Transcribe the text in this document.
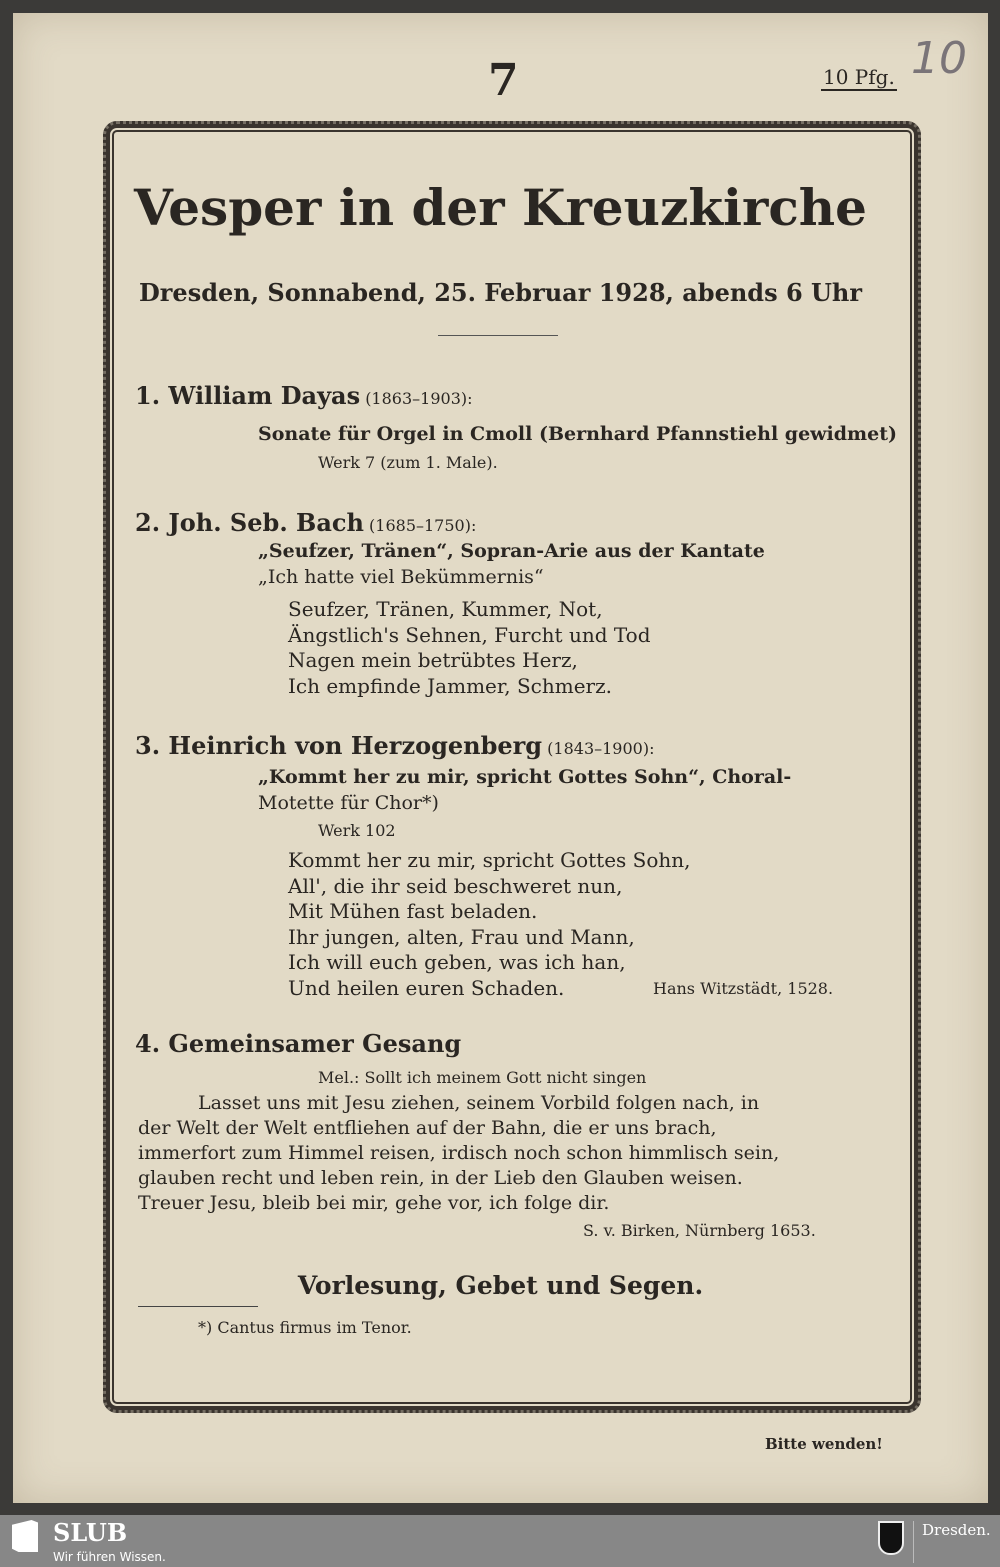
7	10 Pfg. 10
Vesper in der Kreuzkirche
Dresden, Sonnabend, 25. Februar 1928, abends 6 Uhr
1. William Dayas (1863–1903):
Sonate für Orgel in Cmoll (Bernhard Pfannstiehl gewidmet)
Werk 7 (zum 1. Male).
2. Joh. Seb. Bach (1685–1750):
„Seufzer, Tränen“, Sopran-Arie aus der Kantate
„Ich hatte viel Bekümmernis“
Seufzer, Tränen, Kummer, Not,
Ängstlich's Sehnen, Furcht und Tod
Nagen mein betrübtes Herz,
Ich empfinde Jammer, Schmerz.
3. Heinrich von Herzogenberg (1843–1900):
„Kommt her zu mir, spricht Gottes Sohn“, Choral-
Motette für Chor*)
Werk 102
Kommt her zu mir, spricht Gottes Sohn,
All', die ihr seid beschweret nun,
Mit Mühen fast beladen.
Ihr jungen, alten, Frau und Mann,
Ich will euch geben, was ich han,
Und heilen euren Schaden.	Hans Witzstädt, 1528.
4. Gemeinsamer Gesang
Mel.: Sollt ich meinem Gott nicht singen
Lasset uns mit Jesu ziehen, seinem Vorbild folgen nach, in
der Welt der Welt entfliehen auf der Bahn, die er uns brach,
immerfort zum Himmel reisen, irdisch noch schon himmlisch sein,
glauben recht und leben rein, in der Lieb den Glauben weisen.
Treuer Jesu, bleib bei mir, gehe vor, ich folge dir.
S. v. Birken, Nürnberg 1653.
Vorlesung, Gebet und Segen.
*) Cantus firmus im Tenor.
Bitte wenden!
SLUB
Wir führen Wissen.
Dresden.
